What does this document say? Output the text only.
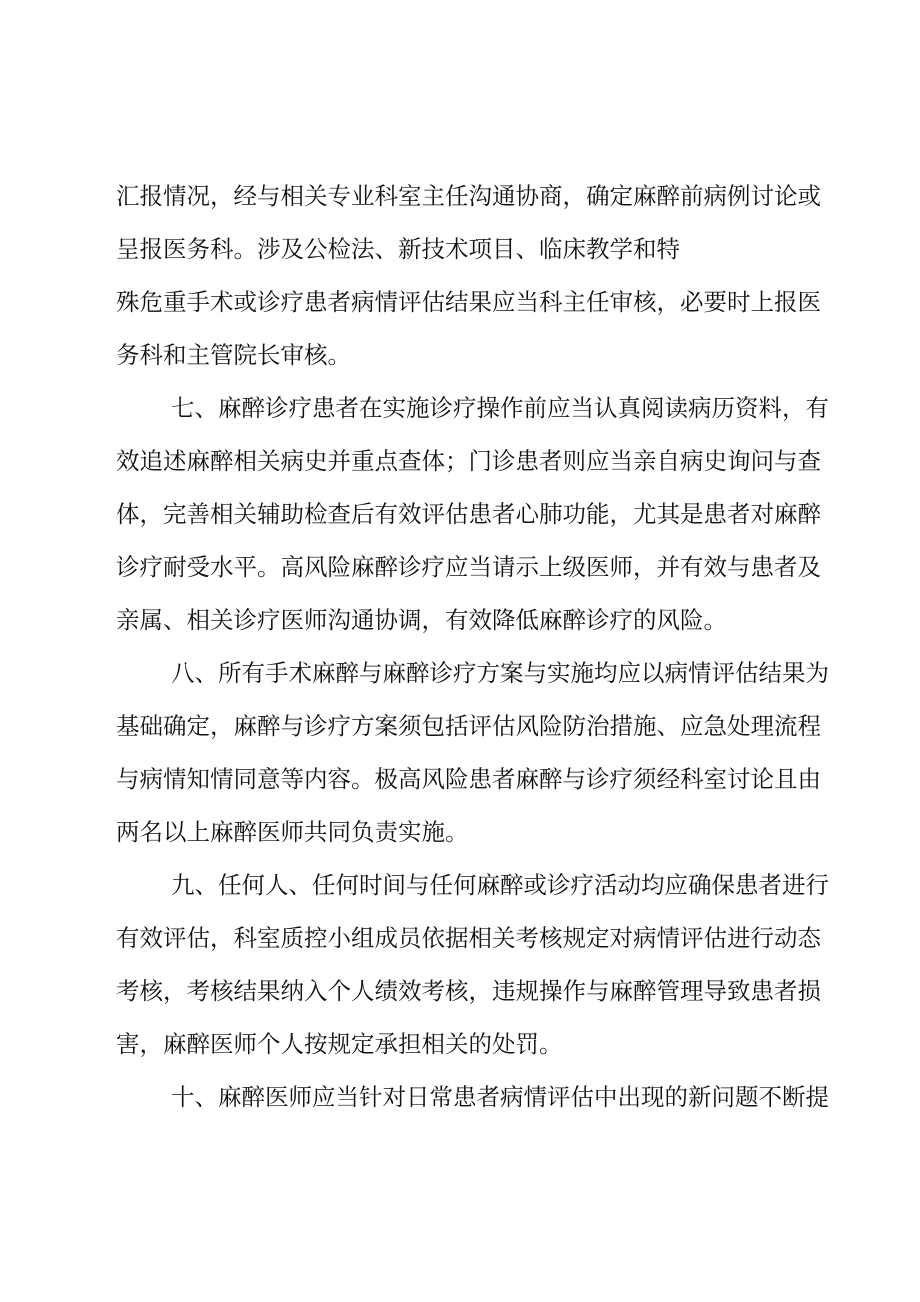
汇报情况，经与相关专业科室主任沟通协商，确定麻醉前病例讨论或
呈报医务科。涉及公检法、新技术项目、临床教学和特
殊危重手术或诊疗患者病情评估结果应当科主任审核，必要时上报医
务科和主管院长审核。
七、麻醉诊疗患者在实施诊疗操作前应当认真阅读病历资料，有
效追述麻醉相关病史并重点查体；门诊患者则应当亲自病史询问与查
体，完善相关辅助检查后有效评估患者心肺功能，尤其是患者对麻醉
诊疗耐受水平。高风险麻醉诊疗应当请示上级医师，并有效与患者及
亲属、相关诊疗医师沟通协调，有效降低麻醉诊疗的风险。
八、所有手术麻醉与麻醉诊疗方案与实施均应以病情评估结果为
基础确定，麻醉与诊疗方案须包括评估风险防治措施、应急处理流程
与病情知情同意等内容。极高风险患者麻醉与诊疗须经科室讨论且由
两名以上麻醉医师共同负责实施。
九、任何人、任何时间与任何麻醉或诊疗活动均应确保患者进行
有效评估，科室质控小组成员依据相关考核规定对病情评估进行动态
考核，考核结果纳入个人绩效考核，违规操作与麻醉管理导致患者损
害，麻醉医师个人按规定承担相关的处罚。
十、麻醉医师应当针对日常患者病情评估中出现的新问题不断提
